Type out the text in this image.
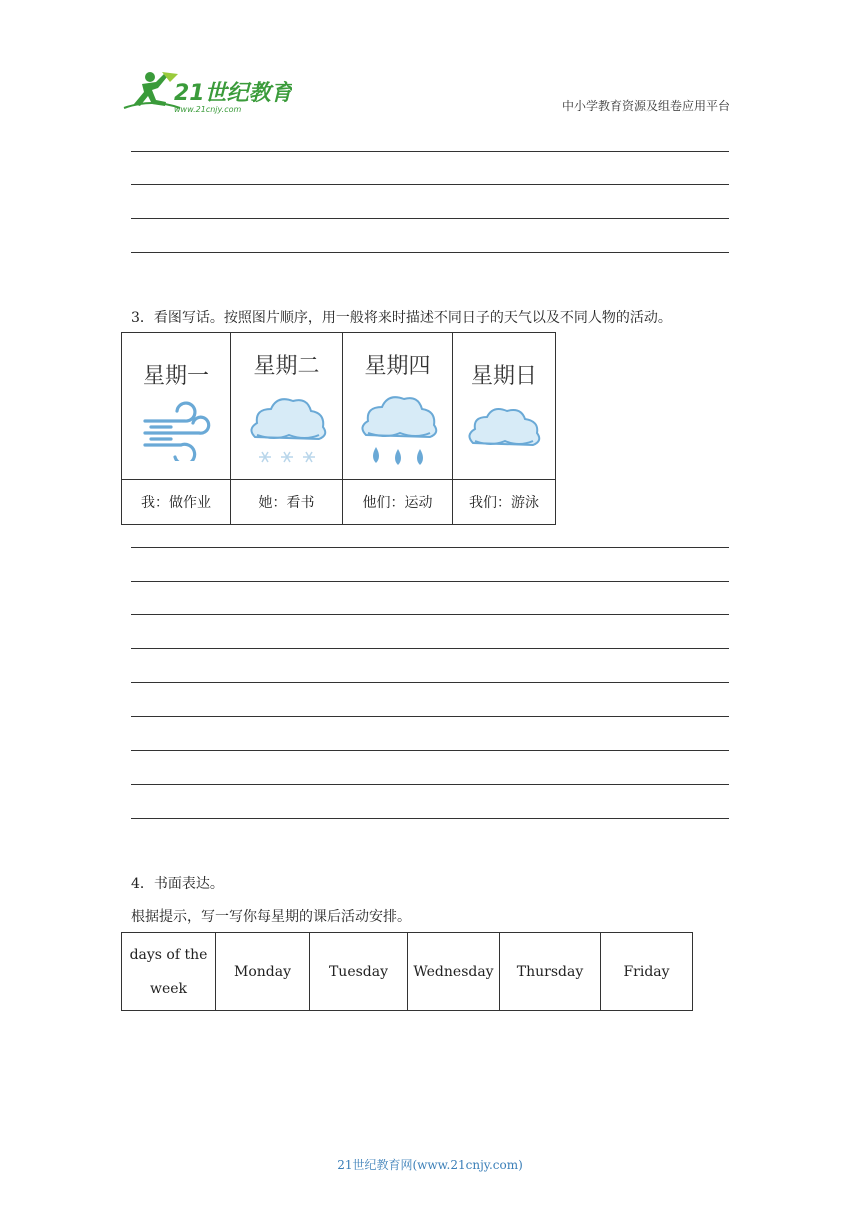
21世纪教育
www.21cnjy.com	中小学教育资源及组卷应用平台
3．看图写话。按照图片顺序，用一般将来时描述不同日子的天气以及不同人物的活动。
星期一	星期二	星期四	星期日

我：做作业	她：看书	他们：运动	我们：游泳
4．书面表达。
根据提示，写一写你每星期的课后活动安排。
days of the
week
	Monday	Tuesday	Wednesday	Thursday	Friday
21世纪教育网(www.21cnjy.com)
